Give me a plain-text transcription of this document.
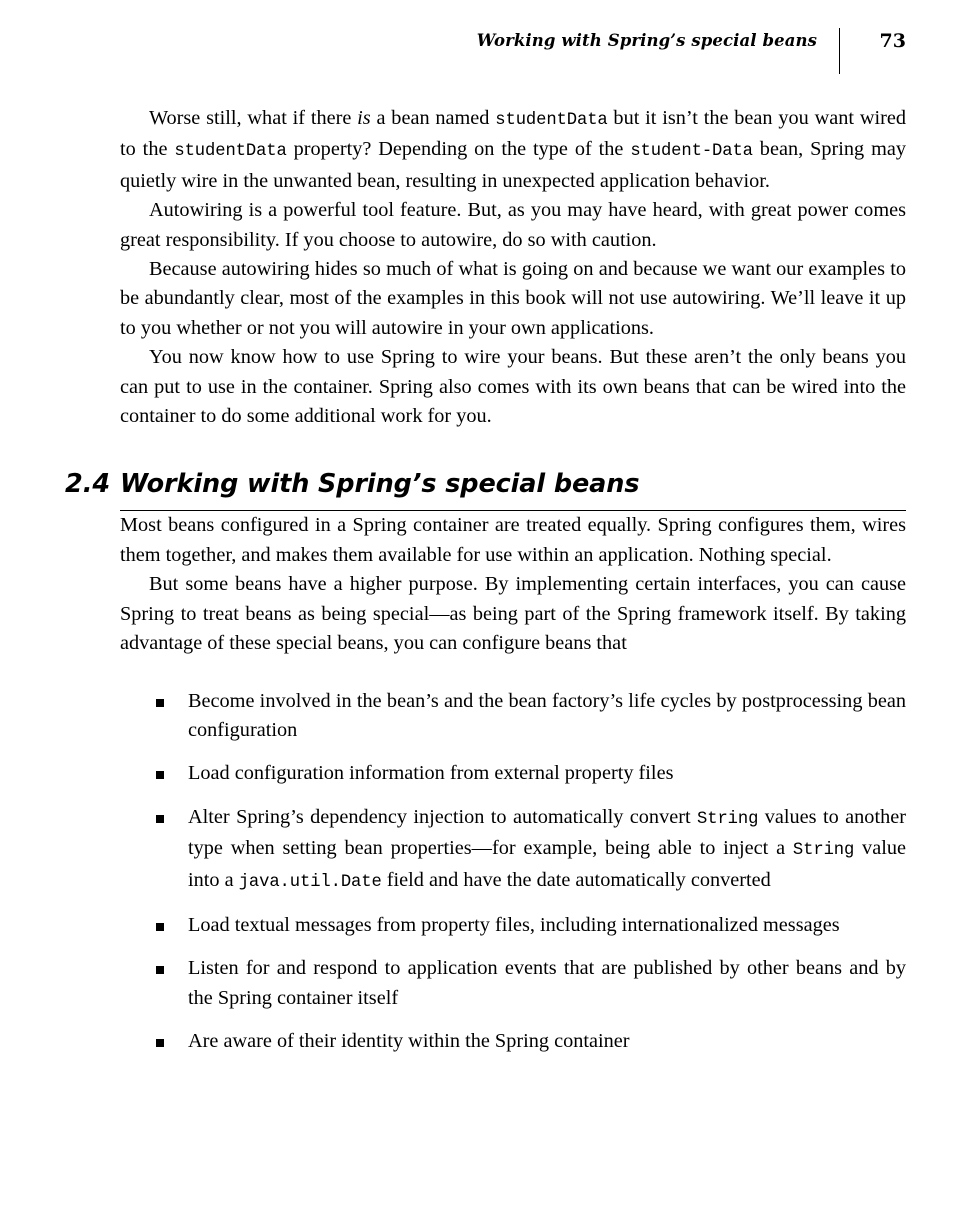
Working with Spring’s special beans	73

Worse still, what if there is a bean named studentData but it isn’t the bean you want wired to the studentData property? Depending on the type of the student-Data bean, Spring may quietly wire in the unwanted bean, resulting in unexpected application behavior.

Autowiring is a powerful tool feature. But, as you may have heard, with great power comes great responsibility. If you choose to autowire, do so with caution.

Because autowiring hides so much of what is going on and because we want our examples to be abundantly clear, most of the examples in this book will not use autowiring. We’ll leave it up to you whether or not you will autowire in your own applications.

You now know how to use Spring to wire your beans. But these aren’t the only beans you can put to use in the container. Spring also comes with its own beans that can be wired into the container to do some additional work for you.

2.4 Working with Spring’s special beans

Most beans configured in a Spring container are treated equally. Spring configures them, wires them together, and makes them available for use within an application. Nothing special.

But some beans have a higher purpose. By implementing certain interfaces, you can cause Spring to treat beans as being special—as being part of the Spring framework itself. By taking advantage of these special beans, you can configure beans that

Become involved in the bean’s and the bean factory’s life cycles by postprocessing bean configuration
Load configuration information from external property files
Alter Spring’s dependency injection to automatically convert String values to another type when setting bean properties—for example, being able to inject a String value into a java.util.Date field and have the date automatically converted
Load textual messages from property files, including internationalized messages
Listen for and respond to application events that are published by other beans and by the Spring container itself
Are aware of their identity within the Spring container
